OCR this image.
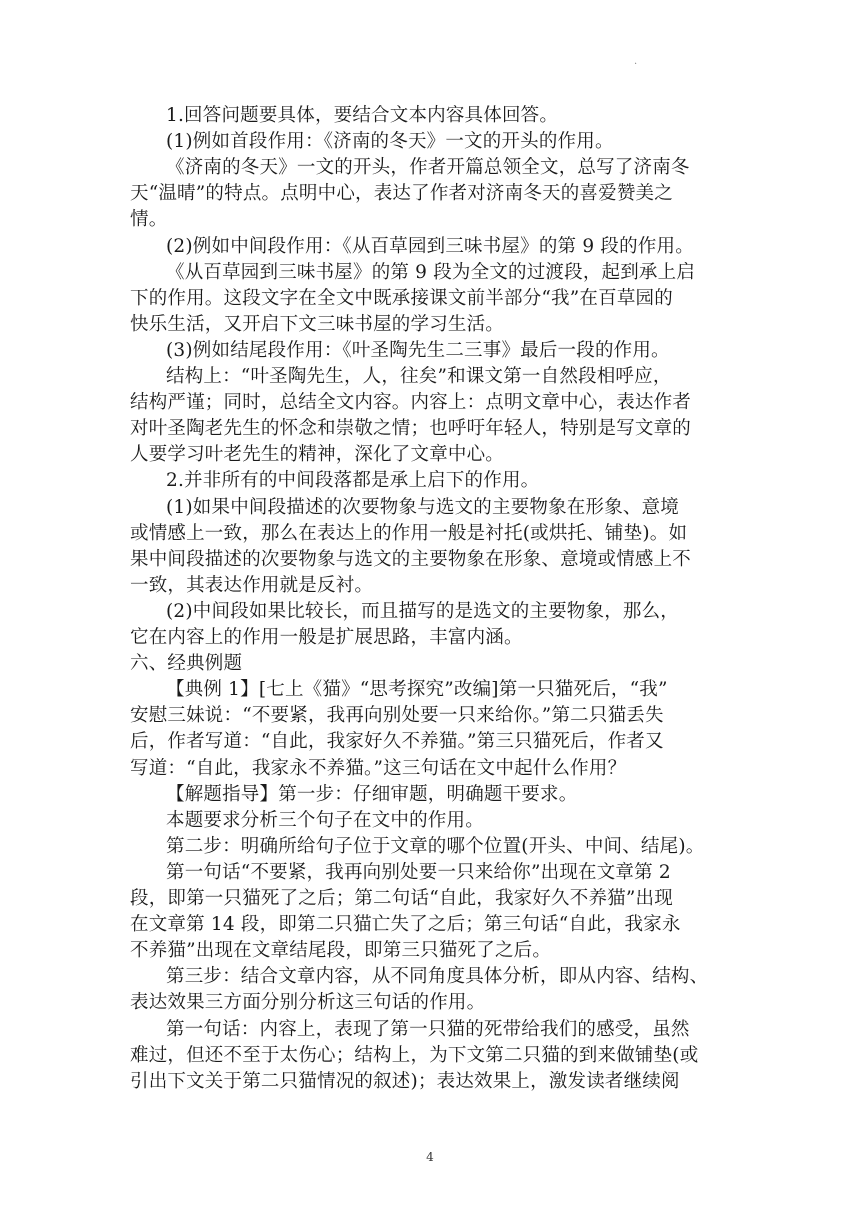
.
1.回答问题要具体，要结合文本内容具体回答。
(1)例如首段作用：《济南的冬天》一文的开头的作用。
《济南的冬天》一文的开头，作者开篇总领全文，总写了济南冬
天“温晴”的特点。点明中心，表达了作者对济南冬天的喜爱赞美之
情。
(2)例如中间段作用：《从百草园到三味书屋》的第 9 段的作用。
《从百草园到三味书屋》的第 9 段为全文的过渡段，起到承上启
下的作用。这段文字在全文中既承接课文前半部分“我”在百草园的
快乐生活，又开启下文三味书屋的学习生活。
(3)例如结尾段作用：《叶圣陶先生二三事》最后一段的作用。
结构上：“叶圣陶先生，人，往矣”和课文第一自然段相呼应，
结构严谨；同时，总结全文内容。内容上：点明文章中心，表达作者
对叶圣陶老先生的怀念和崇敬之情；也呼吁年轻人，特别是写文章的
人要学习叶老先生的精神，深化了文章中心。
2.并非所有的中间段落都是承上启下的作用。
(1)如果中间段描述的次要物象与选文的主要物象在形象、意境
或情感上一致，那么在表达上的作用一般是衬托(或烘托、铺垫)。如
果中间段描述的次要物象与选文的主要物象在形象、意境或情感上不
一致，其表达作用就是反衬。
(2)中间段如果比较长，而且描写的是选文的主要物象，那么，
它在内容上的作用一般是扩展思路，丰富内涵。
六、经典例题
【典例 1】[七上《猫》“思考探究”改编]第一只猫死后，“我”
安慰三妹说：“不要紧，我再向别处要一只来给你。”第二只猫丢失
后，作者写道：“自此，我家好久不养猫。”第三只猫死后，作者又
写道：“自此，我家永不养猫。”这三句话在文中起什么作用？
【解题指导】第一步：仔细审题，明确题干要求。
本题要求分析三个句子在文中的作用。
第二步：明确所给句子位于文章的哪个位置(开头、中间、结尾)。
第一句话“不要紧，我再向别处要一只来给你”出现在文章第 2
段，即第一只猫死了之后；第二句话“自此，我家好久不养猫”出现
在文章第 14 段，即第二只猫亡失了之后；第三句话“自此，我家永
不养猫”出现在文章结尾段，即第三只猫死了之后。
第三步：结合文章内容，从不同角度具体分析，即从内容、结构、
表达效果三方面分别分析这三句话的作用。
第一句话：内容上，表现了第一只猫的死带给我们的感受，虽然
难过，但还不至于太伤心；结构上，为下文第二只猫的到来做铺垫(或
引出下文关于第二只猫情况的叙述)；表达效果上，激发读者继续阅
4
